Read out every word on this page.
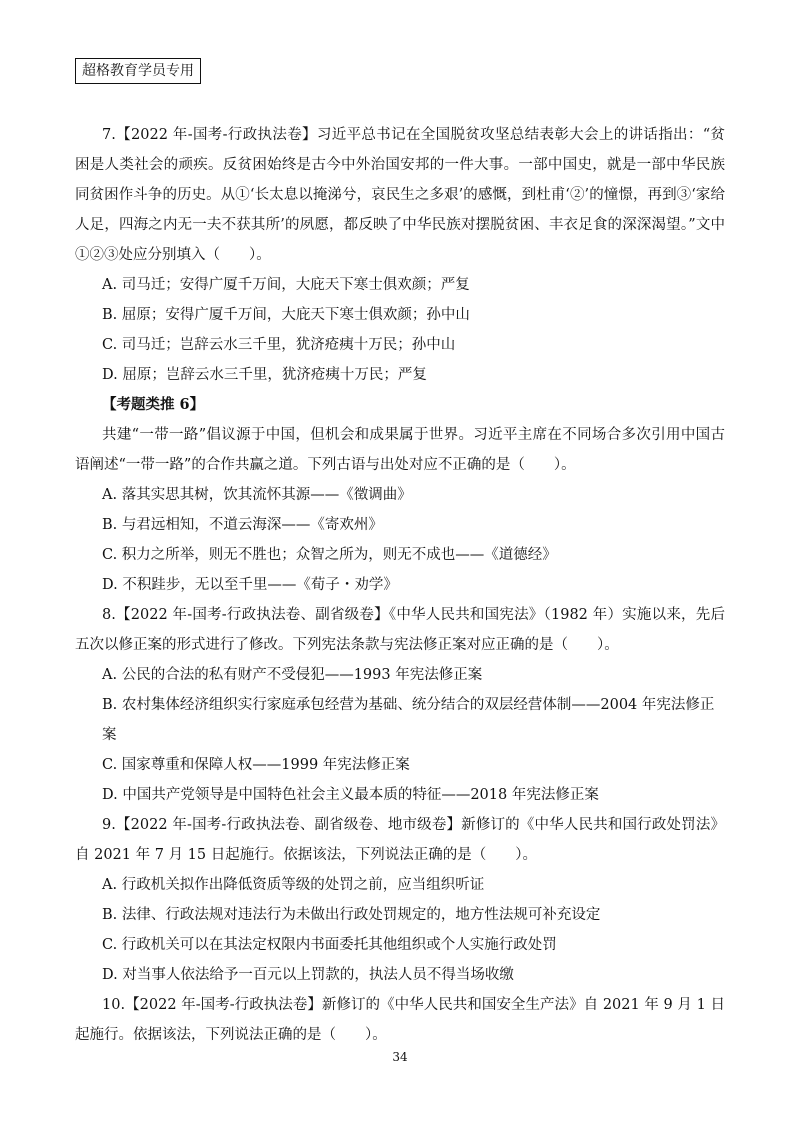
超格教育学员专用

7.【2022 年-国考-行政执法卷】习近平总书记在全国脱贫攻坚总结表彰大会上的讲话指出：“贫困是人类社会的顽疾。反贫困始终是古今中外治国安邦的一件大事。一部中国史，就是一部中华民族同贫困作斗争的历史。从①‘长太息以掩涕兮，哀民生之多艰’的感慨，到杜甫‘②’的憧憬，再到③‘家给人足，四海之内无一夫不获其所’的夙愿，都反映了中华民族对摆脱贫困、丰衣足食的深深渴望。”文中①②③处应分别填入（　　）。

A. 司马迁；安得广厦千万间，大庇天下寒士俱欢颜；严复

B. 屈原；安得广厦千万间，大庇天下寒士俱欢颜；孙中山

C. 司马迁；岂辞云水三千里，犹济疮痍十万民；孙中山

D. 屈原；岂辞云水三千里，犹济疮痍十万民；严复

【考题类推 6】

共建“一带一路”倡议源于中国，但机会和成果属于世界。习近平主席在不同场合多次引用中国古语阐述“一带一路”的合作共赢之道。下列古语与出处对应不正确的是（　　）。

A. 落其实思其树，饮其流怀其源——《徵调曲》

B. 与君远相知，不道云海深——《寄欢州》

C. 积力之所举，则无不胜也；众智之所为，则无不成也——《道德经》

D. 不积跬步，无以至千里——《荀子・劝学》

8.【2022 年-国考-行政执法卷、副省级卷】《中华人民共和国宪法》（1982 年）实施以来，先后五次以修正案的形式进行了修改。下列宪法条款与宪法修正案对应正确的是（　　）。

A. 公民的合法的私有财产不受侵犯——1993 年宪法修正案

B. 农村集体经济组织实行家庭承包经营为基础、统分结合的双层经营体制——2004 年宪法修正案

C. 国家尊重和保障人权——1999 年宪法修正案

D. 中国共产党领导是中国特色社会主义最本质的特征——2018 年宪法修正案

9.【2022 年-国考-行政执法卷、副省级卷、地市级卷】新修订的《中华人民共和国行政处罚法》自 2021 年 7 月 15 日起施行。依据该法，下列说法正确的是（　　）。

A. 行政机关拟作出降低资质等级的处罚之前，应当组织听证

B. 法律、行政法规对违法行为未做出行政处罚规定的，地方性法规可补充设定

C. 行政机关可以在其法定权限内书面委托其他组织或个人实施行政处罚

D. 对当事人依法给予一百元以上罚款的，执法人员不得当场收缴

10.【2022 年-国考-行政执法卷】新修订的《中华人民共和国安全生产法》自 2021 年 9 月 1 日起施行。依据该法，下列说法正确的是（　　）。

34
